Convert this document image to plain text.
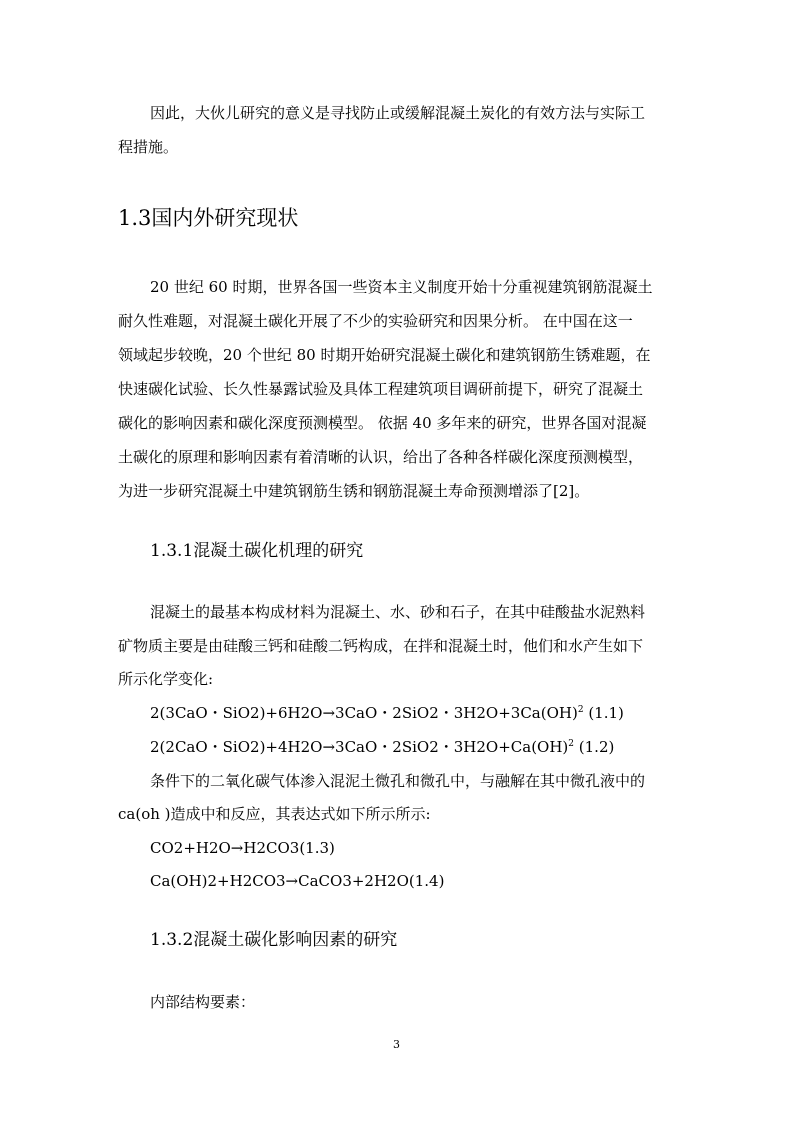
因此，大伙儿研究的意义是寻找防止或缓解混凝土炭化的有效方法与实际工
程措施。
1.3国内外研究现状
20 世纪 60 时期，世界各国一些资本主义制度开始十分重视建筑钢筋混凝土
耐久性难题，对混凝土碳化开展了不少的实验研究和因果分析。 在中国在这一
领域起步较晚，20 个世纪 80 时期开始研究混凝土碳化和建筑钢筋生锈难题，在
快速碳化试验、长久性暴露试验及具体工程建筑项目调研前提下，研究了混凝土
碳化的影响因素和碳化深度预测模型。 依据 40 多年来的研究，世界各国对混凝
土碳化的原理和影响因素有着清晰的认识，给出了各种各样碳化深度预测模型，
为进一步研究混凝土中建筑钢筋生锈和钢筋混凝土寿命预测增添了[2]。
1.3.1混凝土碳化机理的研究
混凝土的最基本构成材料为混凝土、水、砂和石子，在其中硅酸盐水泥熟料
矿物质主要是由硅酸三钙和硅酸二钙构成，在拌和混凝土时，他们和水产生如下
所示化学变化:
2(3CaO・SiO2)+6H2O→3CaO・2SiO2・3H2O+3Ca(OH)$^2$ (1.1)
2(2CaO・SiO2)+4H2O→3CaO・2SiO2・3H2O+Ca(OH)$^2$ (1.2)
条件下的二氧化碳气体渗入混泥土微孔和微孔中，与融解在其中微孔液中的
ca(oh )造成中和反应，其表达式如下所示所示:
CO2+H2O→H2CO3(1.3)
Ca(OH)2+H2CO3→CaCO3+2H2O(1.4)
1.3.2混凝土碳化影响因素的研究
内部结构要素：
3
